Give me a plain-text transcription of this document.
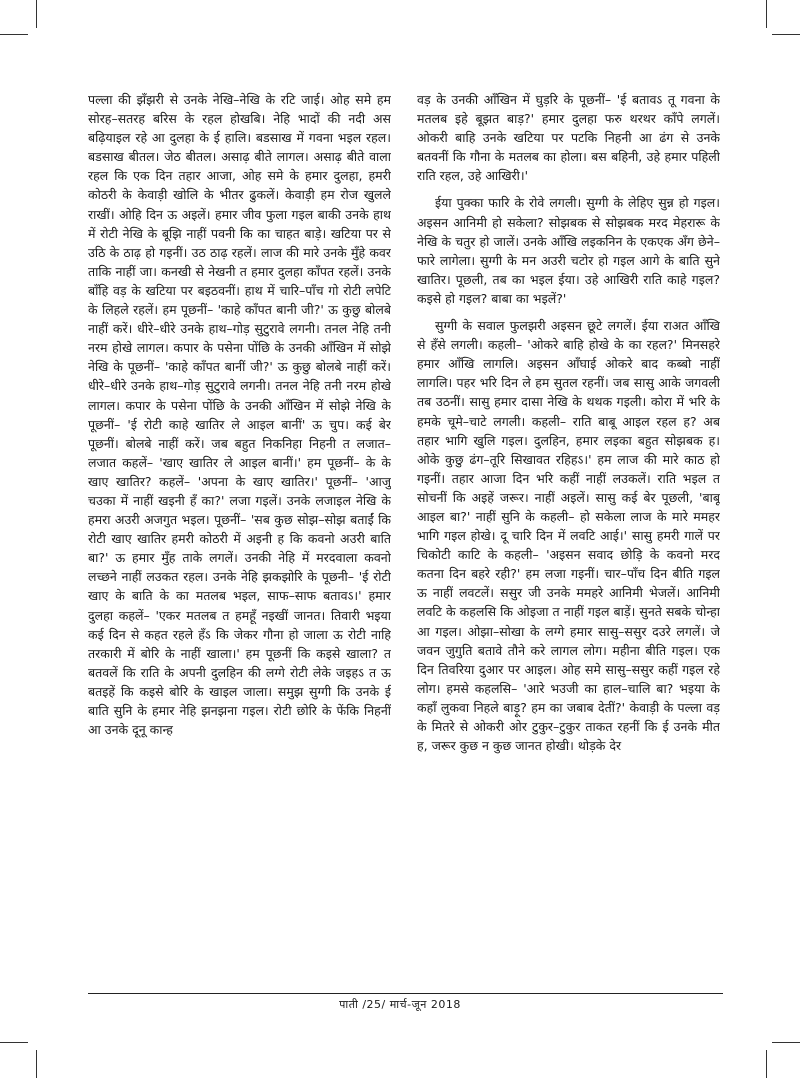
पल्ला की झँझरी से उनके नेखि–नेखि के रटि जाई। ओह समे हम सोरह–सतरह बरिस के रहल होखबि। नेहि भादों की नदी अस बढ़ियाइल रहे आ दुलहा के ई हालि। बडसाख में गवना भइल रहल। बडसाख बीतल। जेठ बीतल। असाढ़ बीते लागल। असाढ़ बीते वाला रहल कि एक दिन तहार आजा, ओह समे के हमार दुलहा, हमरी कोठरी के केवाड़ी खोलि के भीतर ढुकलें। केवाड़ी हम रोज खुलले राखीं। ओहि दिन ऊ अइलें। हमार जीव फुला गइल बाकी उनके हाथ में रोटी नेखि के बूझि नाहीं पवनी कि का चाहत बाड़े। खटिया पर से उठि के ठाढ़ हो गइनीं। उठ ठाढ़ रहलें। लाज की मारे उनके मुँहे कवर ताकि नाहीं जा। कनखी से नेखनी त हमार दुलहा काँपत रहलें। उनके बाँहि वड़ के खटिया पर बइठवनीं। हाथ में चारि–पाँच गो रोटी लपेटि के लिहले रहलें। हम पूछनीं– 'काहे काँपत बानी जी?' ऊ कुछु बोलबे नाहीं करें। धीरे–धीरे उनके हाथ–गोड़ सुटुरावे लगनी। तनल नेहि तनी नरम होखे लागल। कपार के पसेना पोंछि के उनकी आँखिन में सोझे नेखि के पूछनीं– 'काहे काँपत बानीं जी?' ऊ कुछु बोलबे नाहीं करें। धीरे–धीरे उनके हाथ–गोड़ सुटुरावे लगनी। तनल नेहि तनी नरम होखे लागल। कपार के पसेना पोंछि के उनकी आँखिन में सोझे नेखि के पूछनीं– 'ई रोटी काहे खातिर ले आइल बानीं' ऊ चुप। कई बेर पूछनीं। बोलबे नाहीं करें। जब बहुत निकनिहा निहनी त लजात–लजात कहलें– 'खाए खातिर ले आइल बानीं।' हम पूछनीं– के के खाए खातिर? कहलें– 'अपना के खाए खातिर।' पूछनीं– 'आजु चउका में नाहीं खइनी हँ का?' लजा गइलें। उनके लजाइल नेखि के हमरा अउरी अजगुत भइल। पूछनीं– 'सब कुछ सोझ–सोझ बताईं कि रोटी खाए खातिर हमरी कोठरी में अइनी ह कि कवनो अउरी बाति बा?' ऊ हमार मुँह ताके लगलें। उनकी नेहि में मरदवाला कवनो लच्छने नाहीं लउकत रहल। उनके नेहि झकझोरि के पूछनी– 'ई रोटी खाए के बाति के का मतलब भइल, साफ–साफ बतावऽ।' हमार दुलहा कहलें– 'एकर मतलब त हमहूँ नइखीं जानत। तिवारी भइया कई दिन से कहत रहले हँऽ कि जेकर गौना हो जाला ऊ रोटी नाहि तरकारी में बोरि के नाहीं खाला।' हम पूछनीं कि कइसे खाला? त बतवलें कि राति के अपनी दुलहिन की लग्गे रोटी लेके जइहऽ त ऊ बतइहें कि कइसे बोरि के खाइल जाला। समुझ सुग्गी कि उनके ई बाति सुनि के हमार नेहि झनझना गइल। रोटी छोरि के फेंकि निहनीं आ उनके दूनू कान्ह

वड़ के उनकी आँखिन में घुड़रि के पूछनीं– 'ई बतावऽ तू गवना के मतलब इहे बूझत बाड़?' हमार दुलहा फरु थरथर काँपे लगलें। ओकरी बाहि उनके खटिया पर पटकि निहनी आ ढंग से उनके बतवनीं कि गौना के मतलब का होला। बस बहिनी, उहे हमार पहिली राति रहल, उहे आखिरी।'

ईया पुक्का फारि के रोवे लगली। सुग्गी के लेहिए सुन्न हो गइल। अइसन आनिमी हो सकेला? सोझबक से सोझबक मरद मेहरारू के नेखि के चतुर हो जालें। उनके आँखि लइकनिन के एकएक अँग छेने–फारे लागेला। सुग्गी के मन अउरी चटोर हो गइल आगे के बाति सुने खातिर। पूछली, तब का भइल ईया। उहे आखिरी राति काहे गइल? कइसे हो गइल? बाबा का भइलें?'

सुग्गी के सवाल फुलझरी अइसन छूटे लगलें। ईया राअत आँखि से हँसे लगली। कहली– 'ओकरे बाहि होखे के का रहल?' मिनसहरे हमार आँखि लागलि। अइसन आँघाई ओकरे बाद कब्बो नाहीं लागलि। पहर भरि दिन ले हम सुतल रहनीं। जब सासु आके जगवली तब उठनीं। सासु हमार दासा नेखि के थथक गइली। कोरा में भरि के हमके चूमे–चाटे लगली। कहली– राति बाबू आइल रहल ह? अब तहार भागि खुलि गइल। दुलहिन, हमार लइका बहुत सोझबक ह। ओके कुछु ढंग–तूरि सिखावत रहिहऽ।' हम लाज की मारे काठ हो गइनीं। तहार आजा दिन भरि कहीं नाहीं लउकलें। राति भइल त सोचनीं कि अइहें जरूर। नाहीं अइलें। सासु कई बेर पूछली, 'बाबू आइल बा?' नाहीं सुनि के कहली– हो सकेला लाज के मारे ममहर भागि गइल होखे। दू चारि दिन में लवटि आई।' सासु हमरी गालें पर चिकोटी काटि के कहली– 'अइसन सवाद छोड़ि के कवनो मरद कतना दिन बहरे रही?' हम लजा गइनीं। चार–पाँच दिन बीति गइल ऊ नाहीं लवटलें। ससुर जी उनके ममहरे आनिमी भेजलें। आनिमी लवटि के कहलसि कि ओइजा त नाहीं गइल बाड़ें। सुनते सबके चोन्हा आ गइल। ओझा–सोखा के लग्गे हमार सासु–ससुर दउरे लगलें। जे जवन जुगुति बतावे तौने करे लागल लोग। महीना बीति गइल। एक दिन तिवरिया दुआर पर आइल। ओह समे सासु–ससुर कहीं गइल रहे लोग। हमसे कहलसि– 'आरे भउजी का हाल–चालि बा? भइया के कहाँ लुकवा निहले बाड़ू? हम का जबाब देतीं?' केवाड़ी के पल्ला वड़ के मितरे से ओकरी ओर टुकुर–टुकुर ताकत रहनीं कि ई उनके मीत ह, जरूर कुछ न कुछ जानत होखी। थोड़के देर

पाती /25/ मार्च-जून 2018
